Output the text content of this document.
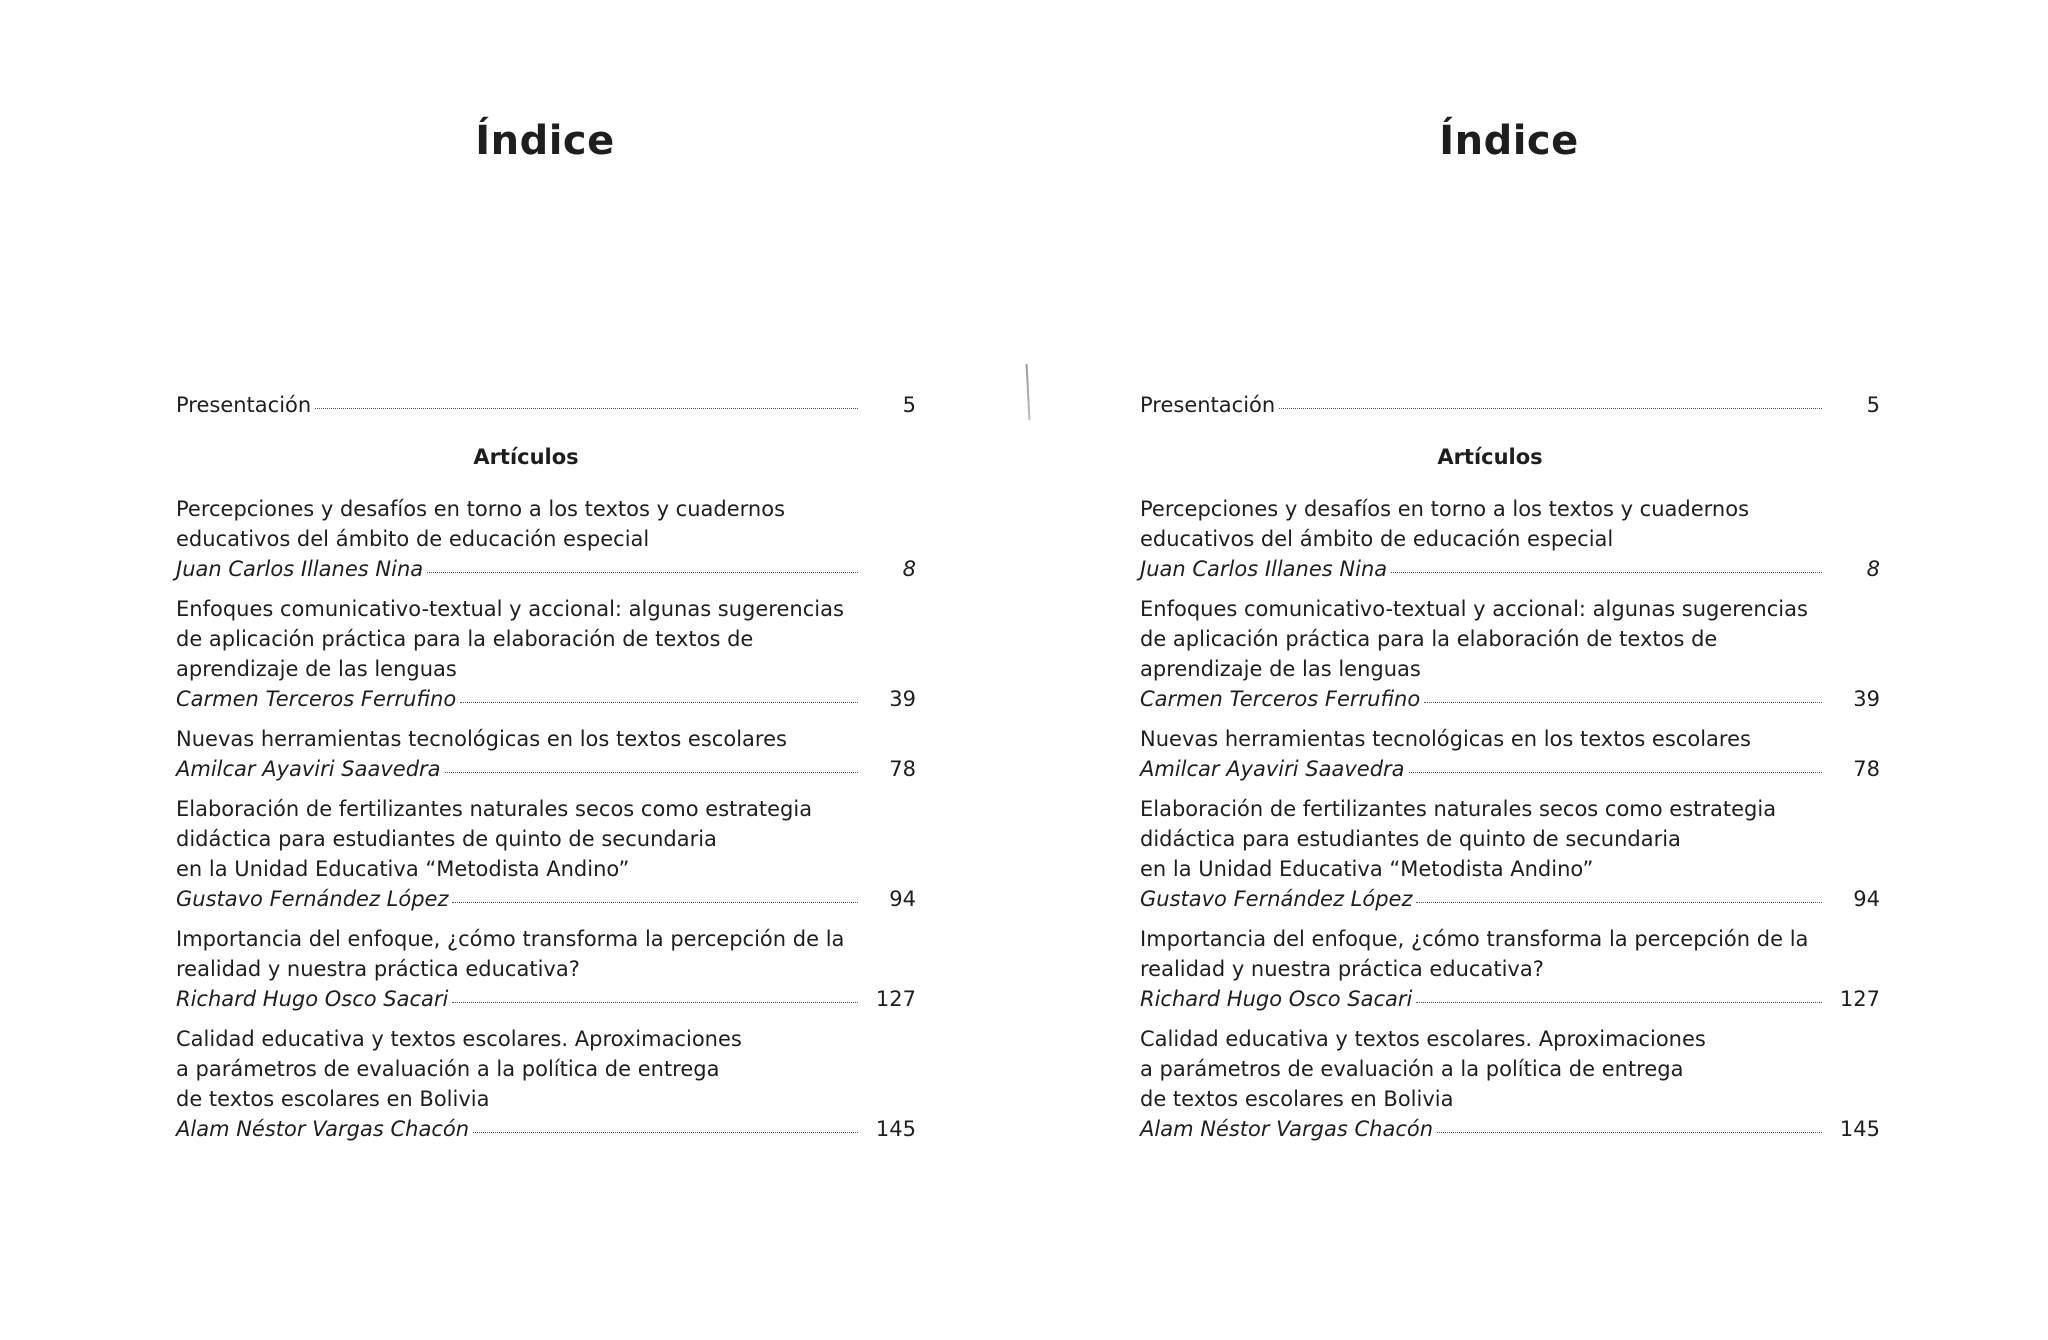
Índice
Presentación	5
Artículos
Percepciones y desafíos en torno a los textos y cuadernos
educativos del ámbito de educación especial
Juan Carlos Illanes Nina	8
Enfoques comunicativo-textual y accional: algunas sugerencias
de aplicación práctica para la elaboración de textos de
aprendizaje de las lenguas
Carmen Terceros Ferrufino	39
Nuevas herramientas tecnológicas en los textos escolares
Amilcar Ayaviri Saavedra	78
Elaboración de fertilizantes naturales secos como estrategia
didáctica para estudiantes de quinto de secundaria
en la Unidad Educativa “Metodista Andino”
Gustavo Fernández López	94
Importancia del enfoque, ¿cómo transforma la percepción de la
realidad y nuestra práctica educativa?
Richard Hugo Osco Sacari	127
Calidad educativa y textos escolares. Aproximaciones
a parámetros de evaluación a la política de entrega
de textos escolares en Bolivia
Alam Néstor Vargas Chacón	145
Índice
Presentación	5
Artículos
Percepciones y desafíos en torno a los textos y cuadernos
educativos del ámbito de educación especial
Juan Carlos Illanes Nina	8
Enfoques comunicativo-textual y accional: algunas sugerencias
de aplicación práctica para la elaboración de textos de
aprendizaje de las lenguas
Carmen Terceros Ferrufino	39
Nuevas herramientas tecnológicas en los textos escolares
Amilcar Ayaviri Saavedra	78
Elaboración de fertilizantes naturales secos como estrategia
didáctica para estudiantes de quinto de secundaria
en la Unidad Educativa “Metodista Andino”
Gustavo Fernández López	94
Importancia del enfoque, ¿cómo transforma la percepción de la
realidad y nuestra práctica educativa?
Richard Hugo Osco Sacari	127
Calidad educativa y textos escolares. Aproximaciones
a parámetros de evaluación a la política de entrega
de textos escolares en Bolivia
Alam Néstor Vargas Chacón	145
